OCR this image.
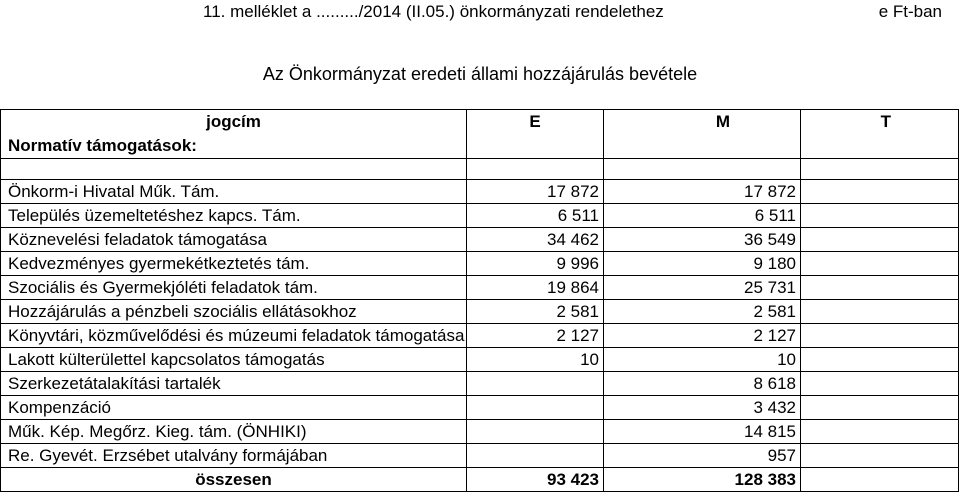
11. melléklet a ........./2014 (II.05.) önkormányzati rendelethez	e Ft-ban
Az Önkormányzat eredeti állami hozzájárulás bevétele
jogcím	E	M	T
Normatív támogatások:			

Önkorm-i Hivatal Műk. Tám.	17 872	17 872	
Település üzemeltetéshez kapcs. Tám.	6 511	6 511	
Köznevelési feladatok támogatása	34 462	36 549	
Kedvezményes gyermekétkeztetés tám.	9 996	9 180	
Szociális és Gyermekjóléti feladatok tám.	19 864	25 731	
Hozzájárulás a pénzbeli szociális ellátásokhoz	2 581	2 581	
Könyvtári, közművelődési és múzeumi feladatok támogatása	2 127	2 127	
Lakott külterülettel kapcsolatos támogatás	10	10	
Szerkezetátalakítási tartalék		8 618	
Kompenzáció		3 432	
Műk. Kép. Megőrz. Kieg. tám. (ÖNHIKI)		14 815	
Re. Gyevét. Erzsébet utalvány formájában		957	
összesen	93 423	128 383	
